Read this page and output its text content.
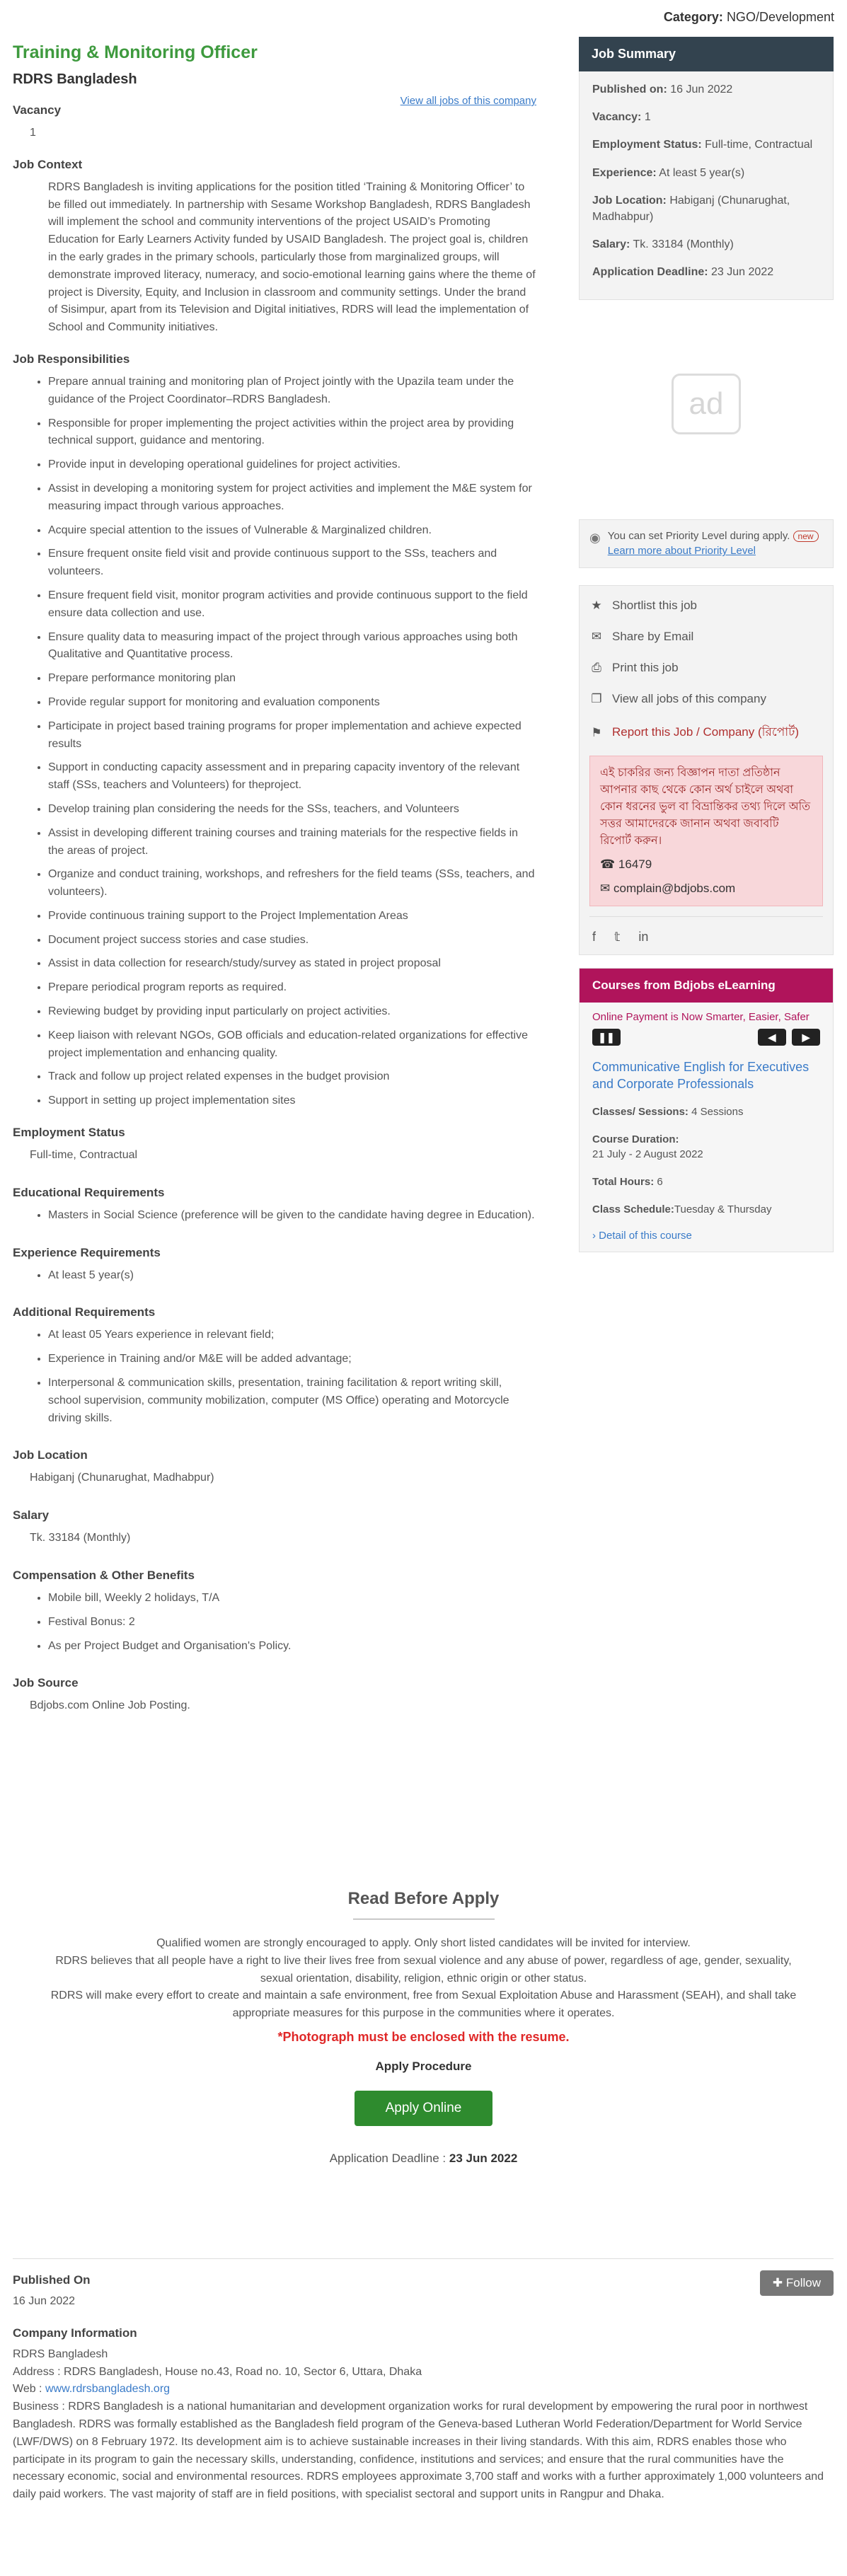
Category: NGO/Development
Training & Monitoring Officer
RDRS Bangladesh
View all jobs of this company
Vacancy
1
Job Context
RDRS Bangladesh is inviting applications for the position titled ‘Training & Monitoring Officer’ to be filled out immediately. In partnership with Sesame Workshop Bangladesh, RDRS Bangladesh will implement the school and community interventions of the project USAID’s Promoting Education for Early Learners Activity funded by USAID Bangladesh. The project goal is, children in the early grades in the primary schools, particularly those from marginalized groups, will demonstrate improved literacy, numeracy, and socio-emotional learning gains where the theme of project is Diversity, Equity, and Inclusion in classroom and community settings. Under the brand of Sisimpur, apart from its Television and Digital initiatives, RDRS will lead the implementation of School and Community initiatives.
Job Responsibilities
• Prepare annual training and monitoring plan of Project jointly with the Upazila team under the guidance of the Project Coordinator–RDRS Bangladesh.
• Responsible for proper implementing the project activities within the project area by providing technical support, guidance and mentoring.
• Provide input in developing operational guidelines for project activities.
• Assist in developing a monitoring system for project activities and implement the M&E system for measuring impact through various approaches.
• Acquire special attention to the issues of Vulnerable & Marginalized children.
• Ensure frequent onsite field visit and provide continuous support to the SSs, teachers and volunteers.
• Ensure frequent field visit, monitor program activities and provide continuous support to the field ensure data collection and use.
• Ensure quality data to measuring impact of the project through various approaches using both Qualitative and Quantitative process.
• Prepare performance monitoring plan
• Provide regular support for monitoring and evaluation components
• Participate in project based training programs for proper implementation and achieve expected results
• Support in conducting capacity assessment and in preparing capacity inventory of the relevant staff (SSs, teachers and Volunteers) for theproject.
• Develop training plan considering the needs for the SSs, teachers, and Volunteers
• Assist in developing different training courses and training materials for the respective fields in the areas of project.
• Organize and conduct training, workshops, and refreshers for the field teams (SSs, teachers, and volunteers).
• Provide continuous training support to the Project Implementation Areas
• Document project success stories and case studies.
• Assist in data collection for research/study/survey as stated in project proposal
• Prepare periodical program reports as required.
• Reviewing budget by providing input particularly on project activities.
• Keep liaison with relevant NGOs, GOB officials and education-related organizations for effective project implementation and enhancing quality.
• Track and follow up project related expenses in the budget provision
• Support in setting up project implementation sites
Employment Status
Full-time, Contractual
Educational Requirements
• Masters in Social Science (preference will be given to the candidate having degree in Education).
Experience Requirements
• At least 5 year(s)
Additional Requirements
• At least 05 Years experience in relevant field;
• Experience in Training and/or M&E will be added advantage;
• Interpersonal & communication skills, presentation, training facilitation & report writing skill, school supervision, community mobilization, computer (MS Office) operating and Motorcycle driving skills.
Job Location
Habiganj (Chunarughat, Madhabpur)
Salary
Tk. 33184 (Monthly)
Compensation & Other Benefits
• Mobile bill, Weekly 2 holidays, T/A
• Festival Bonus: 2
• As per Project Budget and Organisation's Policy.
Job Source
Bdjobs.com Online Job Posting.
Job Summary
Published on: 16 Jun 2022
Vacancy: 1
Employment Status: Full-time, Contractual
Experience: At least 5 year(s)
Job Location: Habiganj (Chunarughat, Madhabpur)
Salary: Tk. 33184 (Monthly)
Application Deadline: 23 Jun 2022
ad
◉ You can set Priority Level during apply. new
Learn more about Priority Level
★ Shortlist this job
✉ Share by Email
⎙ Print this job
❐ View all jobs of this company
⚑ Report this Job / Company (রিপোর্ট)
এই চাকরির জন্য বিজ্ঞাপন দাতা প্রতিষ্ঠান আপনার কাছ থেকে কোন অর্থ চাইলে অথবা কোন ধরনের ভুল বা বিভ্রান্তিকর তথ্য দিলে অতি সত্তর আমাদেরকে জানান অথবা জবাবটি রিপোর্ট করুন।
☎ 16479
✉ complain@bdjobs.com
f 𝕥 in
Courses from Bdjobs eLearning
Online Payment is Now Smarter, Easier, Safer
❚❚	◀	▶
Communicative English for Executives and Corporate Professionals
Classes/ Sessions: 4 Sessions
Course Duration:
21 July - 2 August 2022
Total Hours: 6
Class Schedule:Tuesday & Thursday
› Detail of this course
Read Before Apply

Qualified women are strongly encouraged to apply. Only short listed candidates will be invited for interview.

RDRS believes that all people have a right to live their lives free from sexual violence and any abuse of power, regardless of age, gender, sexuality, sexual orientation, disability, religion, ethnic origin or other status.

RDRS will make every effort to create and maintain a safe environment, free from Sexual Exploitation Abuse and Harassment (SEAH), and shall take appropriate measures for this purpose in the communities where it operates.

*Photograph must be enclosed with the resume.
Apply Procedure
Apply Online
Application Deadline : 23 Jun 2022
Published On
16 Jun 2022
✚ Follow
Company Information
RDRS Bangladesh
Address : RDRS Bangladesh, House no.43, Road no. 10, Sector 6, Uttara, Dhaka
Web : www.rdrsbangladesh.org
Business : RDRS Bangladesh is a national humanitarian and development organization works for rural development by empowering the rural poor in northwest Bangladesh. RDRS was formally established as the Bangladesh field program of the Geneva-based Lutheran World Federation/Department for World Service (LWF/DWS) on 8 February 1972. Its development aim is to achieve sustainable increases in their living standards. With this aim, RDRS enables those who participate in its program to gain the necessary skills, understanding, confidence, institutions and services; and ensure that the rural communities have the necessary economic, social and environmental resources. RDRS employees approximate 3,700 staff and works with a further approximately 1,000 volunteers and daily paid workers. The vast majority of staff are in field positions, with specialist sectoral and support units in Rangpur and Dhaka.
